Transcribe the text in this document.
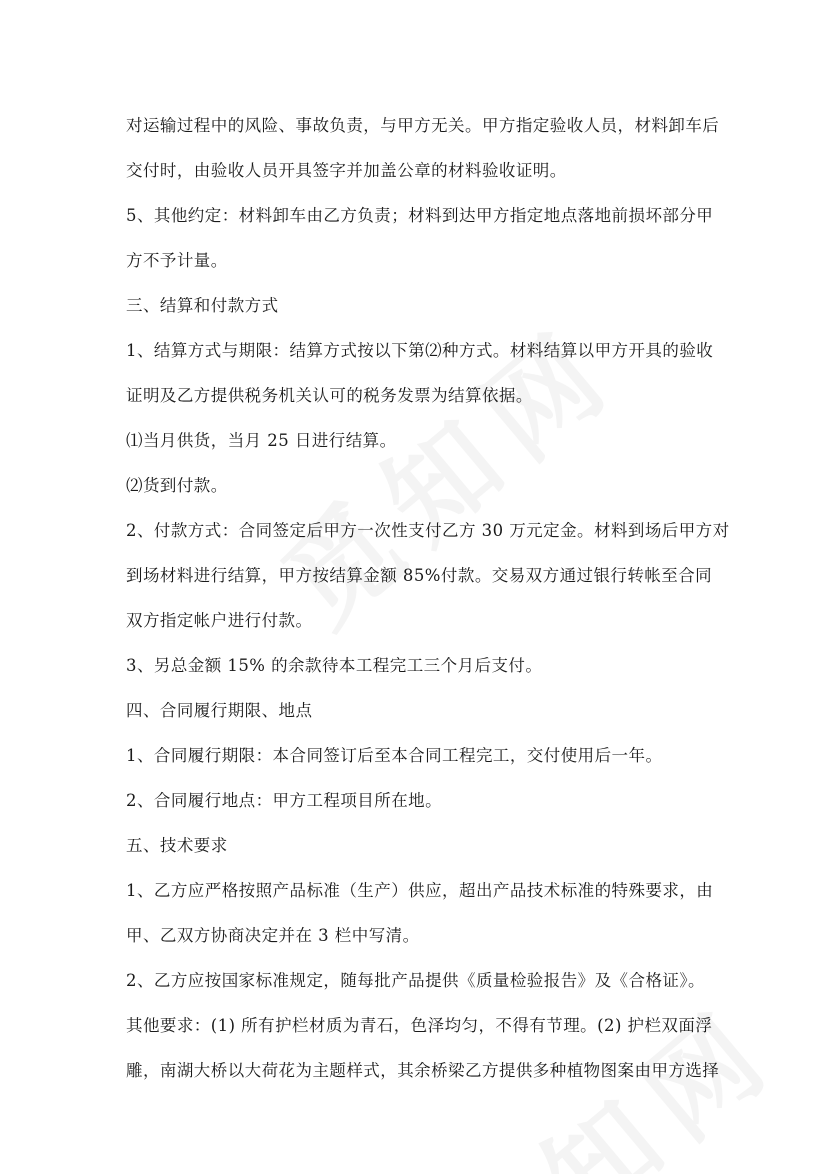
对运输过程中的风险、事故负责，与甲方无关。甲方指定验收人员，材料卸车后
交付时，由验收人员开具签字并加盖公章的材料验收证明。
5、其他约定：材料卸车由乙方负责；材料到达甲方指定地点落地前损坏部分甲
方不予计量。
三、结算和付款方式
1、结算方式与期限：结算方式按以下第⑵种方式。材料结算以甲方开具的验收
证明及乙方提供税务机关认可的税务发票为结算依据。
⑴当月供货，当月 25 日进行结算。
⑵货到付款。
2、付款方式：合同签定后甲方一次性支付乙方 30 万元定金。材料到场后甲方对
到场材料进行结算，甲方按结算金额 85%付款。交易双方通过银行转帐至合同
双方指定帐户进行付款。
3、另总金额 15% 的余款待本工程完工三个月后支付。
四、合同履行期限、地点
1、合同履行期限：本合同签订后至本合同工程完工，交付使用后一年。
2、合同履行地点：甲方工程项目所在地。
五、技术要求
1、乙方应严格按照产品标准（生产）供应，超出产品技术标准的特殊要求，由
甲、乙双方协商决定并在 3 栏中写清。
2、乙方应按国家标准规定，随每批产品提供《质量检验报告》及《合格证》。
其他要求：(1) 所有护栏材质为青石，色泽均匀，不得有节理。(2) 护栏双面浮
雕，南湖大桥以大荷花为主题样式，其余桥梁乙方提供多种植物图案由甲方选择
